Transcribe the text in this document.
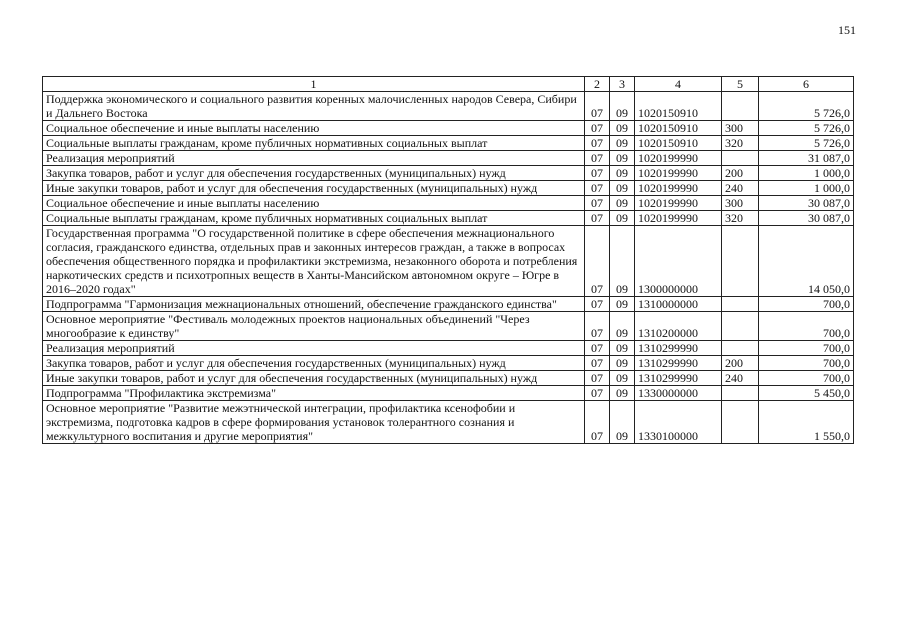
151
1	2	3	4	5	6
Поддержка экономического и социального развития коренных малочисленных народов Севера, Сибири и Дальнего Востока	07	09	1020150910		5 726,0
Социальное обеспечение и иные выплаты населению	07	09	1020150910	300	5 726,0
Социальные выплаты гражданам, кроме публичных нормативных социальных выплат	07	09	1020150910	320	5 726,0
Реализация мероприятий	07	09	1020199990		31 087,0
Закупка товаров, работ и услуг для обеспечения государственных (муниципальных) нужд	07	09	1020199990	200	1 000,0
Иные закупки товаров, работ и услуг для обеспечения государственных (муниципальных) нужд	07	09	1020199990	240	1 000,0
Социальное обеспечение и иные выплаты населению	07	09	1020199990	300	30 087,0
Социальные выплаты гражданам, кроме публичных нормативных социальных выплат	07	09	1020199990	320	30 087,0
Государственная программа "О государственной политике в сфере обеспечения межнационального согласия, гражданского единства, отдельных прав и законных интересов граждан, а также в вопросах обеспечения общественного порядка и профилактики экстремизма, незаконного оборота и потребления наркотических средств и психотропных веществ в Ханты-Мансийском автономном округе – Югре в 2016–2020 годах"	07	09	1300000000		14 050,0
Подпрограмма "Гармонизация межнациональных отношений, обеспечение гражданского единства"	07	09	1310000000		700,0
Основное мероприятие "Фестиваль молодежных проектов национальных объединений "Через многообразие к единству"	07	09	1310200000		700,0
Реализация мероприятий	07	09	1310299990		700,0
Закупка товаров, работ и услуг для обеспечения государственных (муниципальных) нужд	07	09	1310299990	200	700,0
Иные закупки товаров, работ и услуг для обеспечения государственных (муниципальных) нужд	07	09	1310299990	240	700,0
Подпрограмма "Профилактика экстремизма"	07	09	1330000000		5 450,0
Основное мероприятие "Развитие межэтнической интеграции, профилактика ксенофобии и экстремизма, подготовка кадров в сфере формирования установок толерантного сознания и межкультурного воспитания и другие мероприятия"	07	09	1330100000		1 550,0
